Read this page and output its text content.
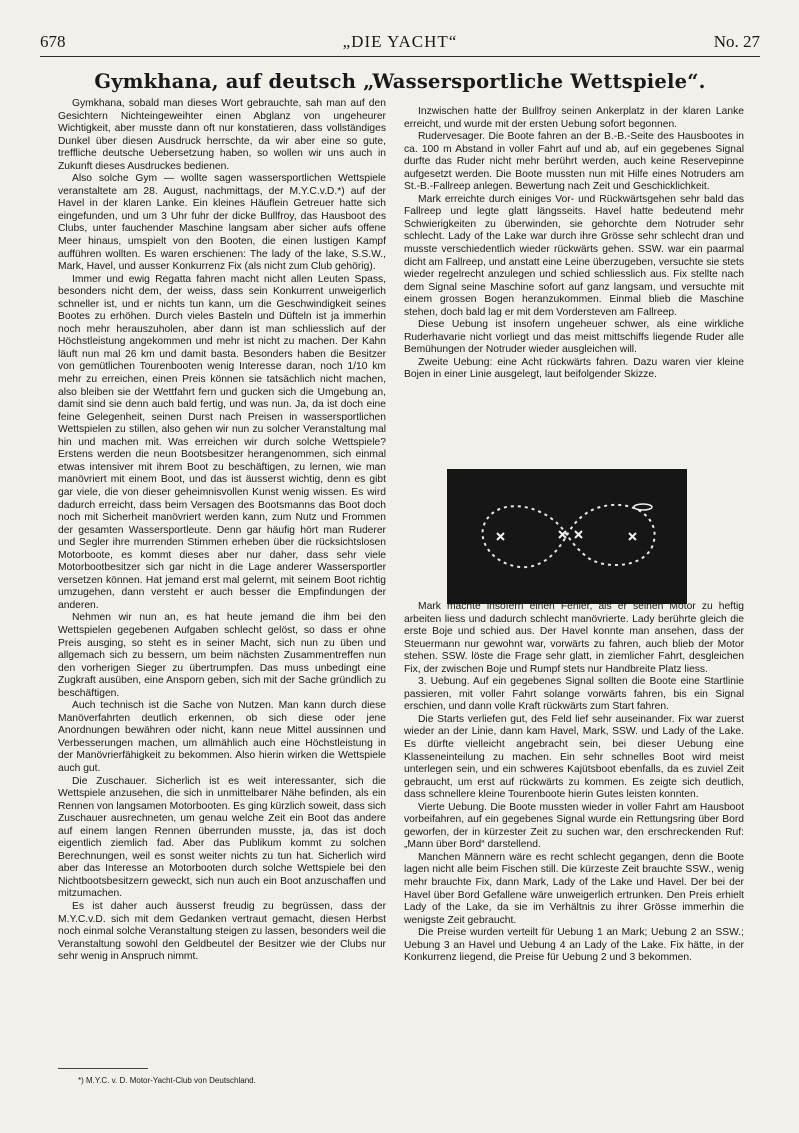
678	„DIE YACHT“	No. 27
Gymkhana, auf deutsch „Wassersportliche Wettspiele“.

Gymkhana, sobald man dieses Wort gebrauchte, sah man auf den Gesichtern Nichteingeweihter einen Abglanz von ungeheurer Wichtigkeit, aber musste dann oft nur konstatieren, dass vollständiges Dunkel über diesen Ausdruck herrschte, da wir aber eine so gute, treffliche deutsche Uebersetzung haben, so wollen wir uns auch in Zukunft dieses Ausdruckes bedienen.

Also solche Gym — wollte sagen wassersportlichen Wettspiele veranstaltete am 28. August, nachmittags, der M.Y.C.v.D.*) auf der Havel in der klaren Lanke. Ein kleines Häuflein Getreuer hatte sich eingefunden, und um 3 Uhr fuhr der dicke Bullfroy, das Hausboot des Clubs, unter fauchender Maschine langsam aber sicher aufs offene Meer hinaus, umspielt von den Booten, die einen lustigen Kampf aufführen wollten. Es waren erschienen: The lady of the lake, S.S.W., Mark, Havel, und ausser Konkurrenz Fix (als nicht zum Club gehörig).

Immer und ewig Regatta fahren macht nicht allen Leuten Spass, besonders nicht dem, der weiss, dass sein Konkurrent unweigerlich schneller ist, und er nichts tun kann, um die Geschwindigkeit seines Bootes zu erhöhen. Durch vieles Basteln und Düfteln ist ja immerhin noch mehr herauszuholen, aber dann ist man schliesslich auf der Höchstleistung angekommen und mehr ist nicht zu machen. Der Kahn läuft nun mal 26 km und damit basta. Besonders haben die Besitzer von gemütlichen Tourenbooten wenig Interesse daran, noch 1/10 km mehr zu erreichen, einen Preis können sie tatsächlich nicht machen, also bleiben sie der Wettfahrt fern und gucken sich die Umgebung an, damit sind sie denn auch bald fertig, und was nun. Ja, da ist doch eine feine Gelegenheit, seinen Durst nach Preisen in wassersportlichen Wettspielen zu stillen, also gehen wir nun zu solcher Veranstaltung mal hin und machen mit. Was erreichen wir durch solche Wettspiele? Erstens werden die neun Bootsbesitzer herangenommen, sich einmal etwas intensiver mit ihrem Boot zu beschäftigen, zu lernen, wie man manövriert mit einem Boot, und das ist äusserst wichtig, denn es gibt gar viele, die von dieser geheimnisvollen Kunst wenig wissen. Es wird dadurch erreicht, dass beim Versagen des Bootsmanns das Boot doch noch mit Sicherheit manövriert werden kann, zum Nutz und Frommen der gesamten Wassersportleute. Denn gar häufig hört man Ruderer und Segler ihre murrenden Stimmen erheben über die rücksichtslosen Motorboote, es kommt dieses aber nur daher, dass sehr viele Motorbootbesitzer sich gar nicht in die Lage anderer Wassersportler versetzen können. Hat jemand erst mal gelernt, mit seinem Boot richtig umzugehen, dann versteht er auch besser die Empfindungen der anderen.

Nehmen wir nun an, es hat heute jemand die ihm bei den Wettspielen gegebenen Aufgaben schlecht gelöst, so dass er ohne Preis ausging, so steht es in seiner Macht, sich nun zu üben und allgemach sich zu bessern, um beim nächsten Zusammentreffen nun den vorherigen Sieger zu übertrumpfen. Das muss unbedingt eine Zugkraft ausüben, eine Ansporn geben, sich mit der Sache gründlich zu beschäftigen.

Auch technisch ist die Sache von Nutzen. Man kann durch diese Manöverfahrten deutlich erkennen, ob sich diese oder jene Anordnungen bewähren oder nicht, kann neue Mittel aussinnen und Verbesserungen machen, um allmählich auch eine Höchstleistung in der Manövrierfähigkeit zu bekommen. Also hierin wirken die Wettspiele auch gut.

Die Zuschauer. Sicherlich ist es weit interessanter, sich die Wettspiele anzusehen, die sich in unmittelbarer Nähe befinden, als ein Rennen von langsamen Motorbooten. Es ging kürzlich soweit, dass sich Zuschauer ausrechneten, um genau welche Zeit ein Boot das andere auf einem langen Rennen überrunden musste, ja, das ist doch eigentlich ziemlich fad. Aber das Publikum kommt zu solchen Berechnungen, weil es sonst weiter nichts zu tun hat. Sicherlich wird aber das Interesse an Motorbooten durch solche Wettspiele bei den Nichtbootsbesitzern geweckt, sich nun auch ein Boot anzuschaffen und mitzumachen.

Es ist daher auch äusserst freudig zu begrüssen, dass der M.Y.C.v.D. sich mit dem Gedanken vertraut gemacht, diesen Herbst noch einmal solche Veranstaltung steigen zu lassen, besonders weil die Veranstaltung sowohl den Geldbeutel der Besitzer wie der Clubs nur sehr wenig in Anspruch nimmt.

*) M.Y.C. v. D. Motor-Yacht-Club von Deutschland.

Inzwischen hatte der Bullfroy seinen Ankerplatz in der klaren Lanke erreicht, und wurde mit der ersten Uebung sofort begonnen.

Rudervesager. Die Boote fahren an der B.-B.-Seite des Hausbootes in ca. 100 m Abstand in voller Fahrt auf und ab, auf ein gegebenes Signal durfte das Ruder nicht mehr berührt werden, auch keine Reservepinne aufgesetzt werden. Die Boote mussten nun mit Hilfe eines Notruders am St.-B.-Fallreep anlegen. Bewertung nach Zeit und Geschicklichkeit.

Mark erreichte durch einiges Vor- und Rückwärtsgehen sehr bald das Fallreep und legte glatt längsseits. Havel hatte bedeutend mehr Schwierigkeiten zu überwinden, sie gehorchte dem Notruder sehr schlecht. Lady of the Lake war durch ihre Grösse sehr schlecht dran und musste verschiedentlich wieder rückwärts gehen. SSW. war ein paarmal dicht am Fallreep, und anstatt eine Leine überzugeben, versuchte sie stets wieder regelrecht anzulegen und schied schliesslich aus. Fix stellte nach dem Signal seine Maschine sofort auf ganz langsam, und versuchte mit einem grossen Bogen heranzukommen. Einmal blieb die Maschine stehen, doch bald lag er mit dem Vordersteven am Fallreep.

Diese Uebung ist insofern ungeheuer schwer, als eine wirkliche Ruderhavarie nicht vorliegt und das meist mittschiffs liegende Ruder alle Bemühungen der Notruder wieder ausgleichen will.

Zweite Uebung: eine Acht rückwärts fahren. Dazu waren vier kleine Bojen in einer Linie ausgelegt, laut beifolgender Skizze.

Mark machte insofern einen Fehler, als er seinen Motor zu heftig arbeiten liess und dadurch schlecht manövrierte. Lady berührte gleich die erste Boje und schied aus. Der Havel konnte man ansehen, dass der Steuermann nur gewohnt war, vorwärts zu fahren, auch blieb der Motor stehen. SSW. löste die Frage sehr glatt, in ziemlicher Fahrt, desgleichen Fix, der zwischen Boje und Rumpf stets nur Handbreite Platz liess.

3. Uebung. Auf ein gegebenes Signal sollten die Boote eine Startlinie passieren, mit voller Fahrt solange vorwärts fahren, bis ein Signal erschien, und dann volle Kraft rückwärts zum Start fahren.

Die Starts verliefen gut, des Feld lief sehr auseinander. Fix war zuerst wieder an der Linie, dann kam Havel, Mark, SSW. und Lady of the Lake. Es dürfte vielleicht angebracht sein, bei dieser Uebung eine Klasseneinteilung zu machen. Ein sehr schnelles Boot wird meist unterlegen sein, und ein schweres Kajütsboot ebenfalls, da es zuviel Zeit gebraucht, um erst auf rückwärts zu kommen. Es zeigte sich deutlich, dass schnellere kleine Tourenboote hierin Gutes leisten konnten.

Vierte Uebung. Die Boote mussten wieder in voller Fahrt am Hausboot vorbeifahren, auf ein gegebenes Signal wurde ein Rettungsring über Bord geworfen, der in kürzester Zeit zu suchen war, den erschreckenden Ruf: „Mann über Bord“ darstellend.

Manchen Männern wäre es recht schlecht gegangen, denn die Boote lagen nicht alle beim Fischen still. Die kürzeste Zeit brauchte SSW., wenig mehr brauchte Fix, dann Mark, Lady of the Lake und Havel. Der bei der Havel über Bord Gefallene wäre unweigerlich ertrunken. Den Preis erhielt Lady of the Lake, da sie im Verhältnis zu ihrer Grösse immerhin die wenigste Zeit gebraucht.

Die Preise wurden verteilt für Uebung 1 an Mark; Uebung 2 an SSW.; Uebung 3 an Havel und Uebung 4 an Lady of the Lake. Fix hätte, in der Konkurrenz liegend, die Preise für Uebung 2 und 3 bekommen.
